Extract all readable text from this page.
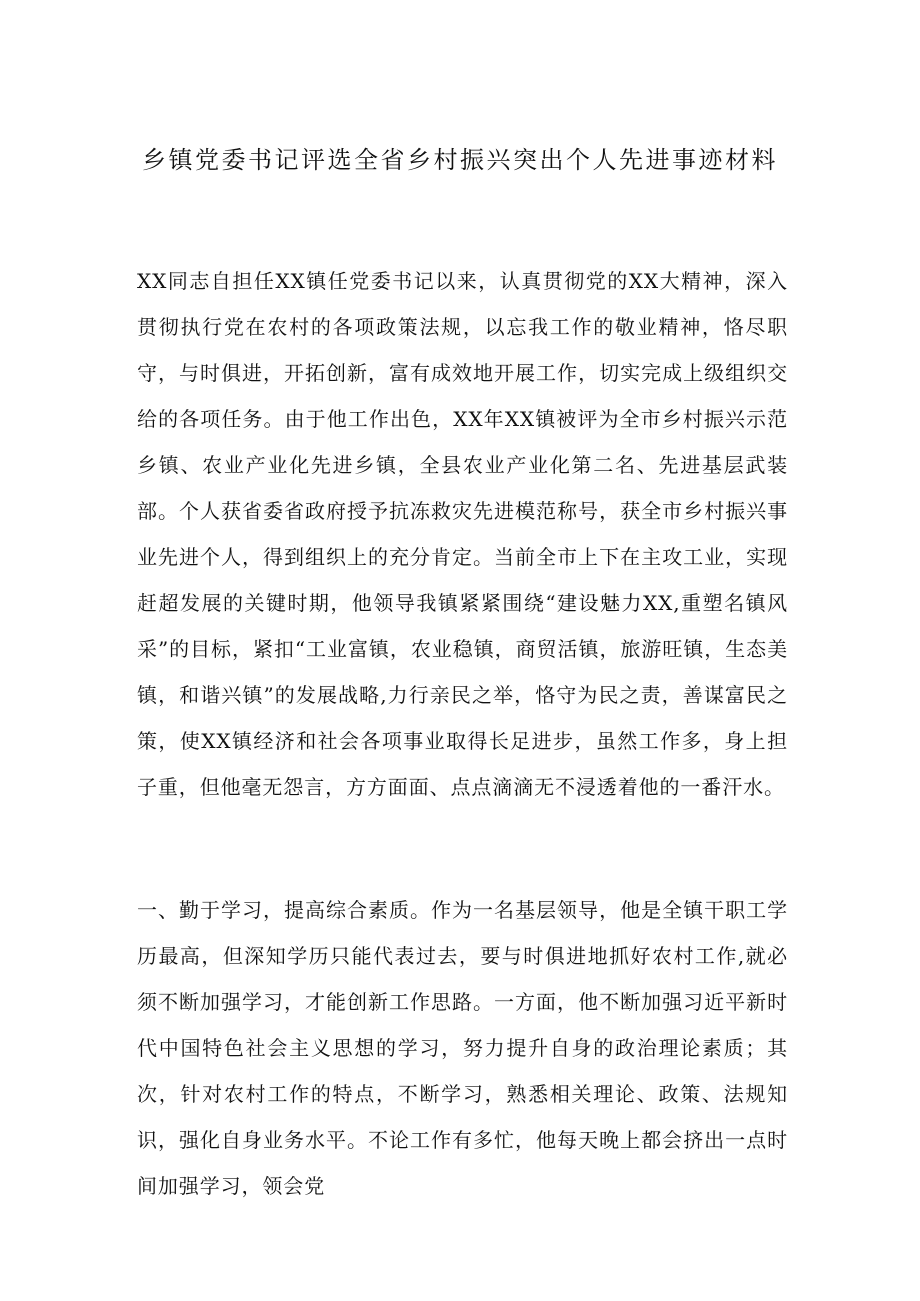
乡镇党委书记评选全省乡村振兴突出个人先进事迹材料

XX同志自担任XX镇任党委书记以来，认真贯彻党的XX大精神，深入贯彻执行党在农村的各项政策法规，以忘我工作的敬业精神，恪尽职守，与时俱进，开拓创新，富有成效地开展工作，切实完成上级组织交给的各项任务。由于他工作出色，XX年XX镇被评为全市乡村振兴示范乡镇、农业产业化先进乡镇，全县农业产业化第二名、先进基层武装部。个人获省委省政府授予抗冻救灾先进模范称号，获全市乡村振兴事业先进个人，得到组织上的充分肯定。当前全市上下在主攻工业，实现赶超发展的关键时期，他领导我镇紧紧围绕“建设魅力XX,重塑名镇风采”的目标，紧扣“工业富镇，农业稳镇，商贸活镇，旅游旺镇，生态美镇，和谐兴镇”的发展战略,力行亲民之举，恪守为民之责，善谋富民之策，使XX镇经济和社会各项事业取得长足进步，虽然工作多，身上担子重，但他毫无怨言，方方面面、点点滴滴无不浸透着他的一番汗水。

一、勤于学习，提高综合素质。作为一名基层领导，他是全镇干职工学历最高，但深知学历只能代表过去，要与时俱进地抓好农村工作,就必须不断加强学习，才能创新工作思路。一方面，他不断加强习近平新时代中国特色社会主义思想的学习，努力提升自身的政治理论素质；其次，针对农村工作的特点，不断学习，熟悉相关理论、政策、法规知识，强化自身业务水平。不论工作有多忙，他每天晚上都会挤出一点时间加强学习，领会党
